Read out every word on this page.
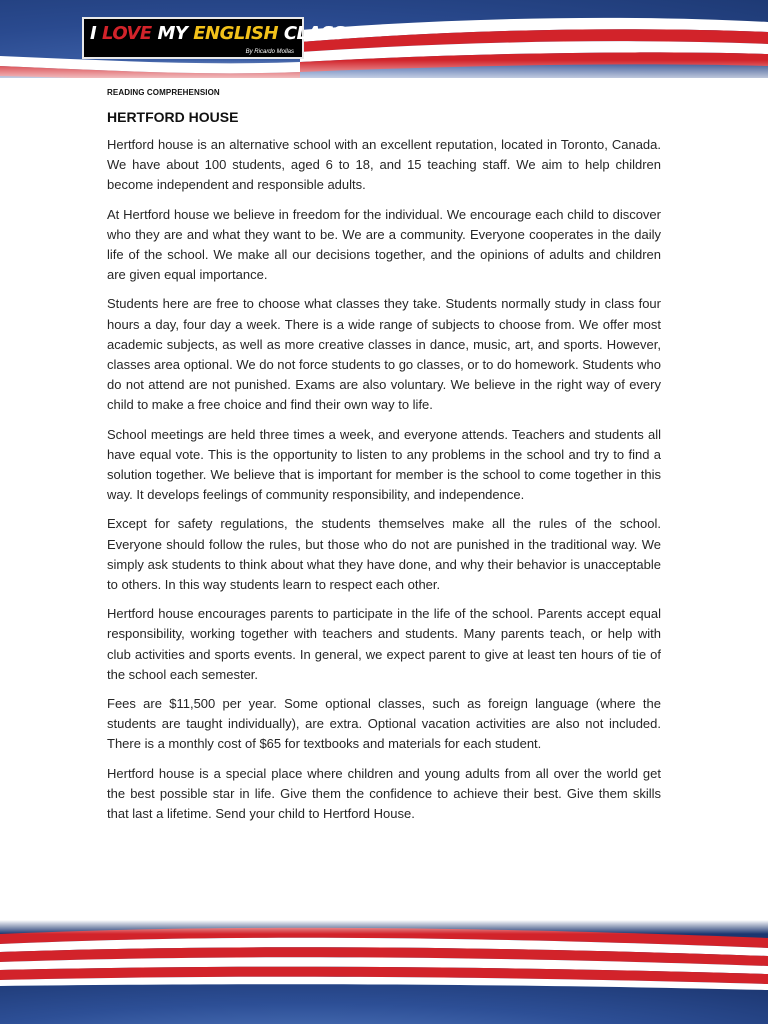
I LOVE MY ENGLISH CLASS
By Ricardo Mollas
READING COMPREHENSION
HERTFORD HOUSE

Hertford house is an alternative school with an excellent reputation, located in Toronto, Canada. We have about 100 students, aged 6 to 18, and 15 teaching staff. We aim to help children become independent and responsible adults.

At Hertford house we believe in freedom for the individual. We encourage each child to discover who they are and what they want to be. We are a community. Everyone cooperates in the daily life of the school. We make all our decisions together, and the opinions of adults and children are given equal importance.

Students here are free to choose what classes they take. Students normally study in class four hours a day, four day a week. There is a wide range of subjects to choose from. We offer most academic subjects, as well as more creative classes in dance, music, art, and sports. However, classes area optional. We do not force students to go classes, or to do homework. Students who do not attend are not punished. Exams are also voluntary. We believe in the right way of every child to make a free choice and find their own way to life.

School meetings are held three times a week, and everyone attends. Teachers and students all have equal vote. This is the opportunity to listen to any problems in the school and try to find a solution together. We believe that is important for member is the school to come together in this way. It develops feelings of community responsibility, and independence.

Except for safety regulations, the students themselves make all the rules of the school. Everyone should follow the rules, but those who do not are punished in the traditional way. We simply ask students to think about what they have done, and why their behavior is unacceptable to others. In this way students learn to respect each other.

Hertford house encourages parents to participate in the life of the school. Parents accept equal responsibility, working together with teachers and students. Many parents teach, or help with club activities and sports events. In general, we expect parent to give at least ten hours of tie of the school each semester.

Fees are $11,500 per year. Some optional classes, such as foreign language (where the students are taught individually), are extra. Optional vacation activities are also not included. There is a monthly cost of $65 for textbooks and materials for each student.

Hertford house is a special place where children and young adults from all over the world get the best possible star in life. Give them the confidence to achieve their best. Give them skills that last a lifetime. Send your child to Hertford House.
